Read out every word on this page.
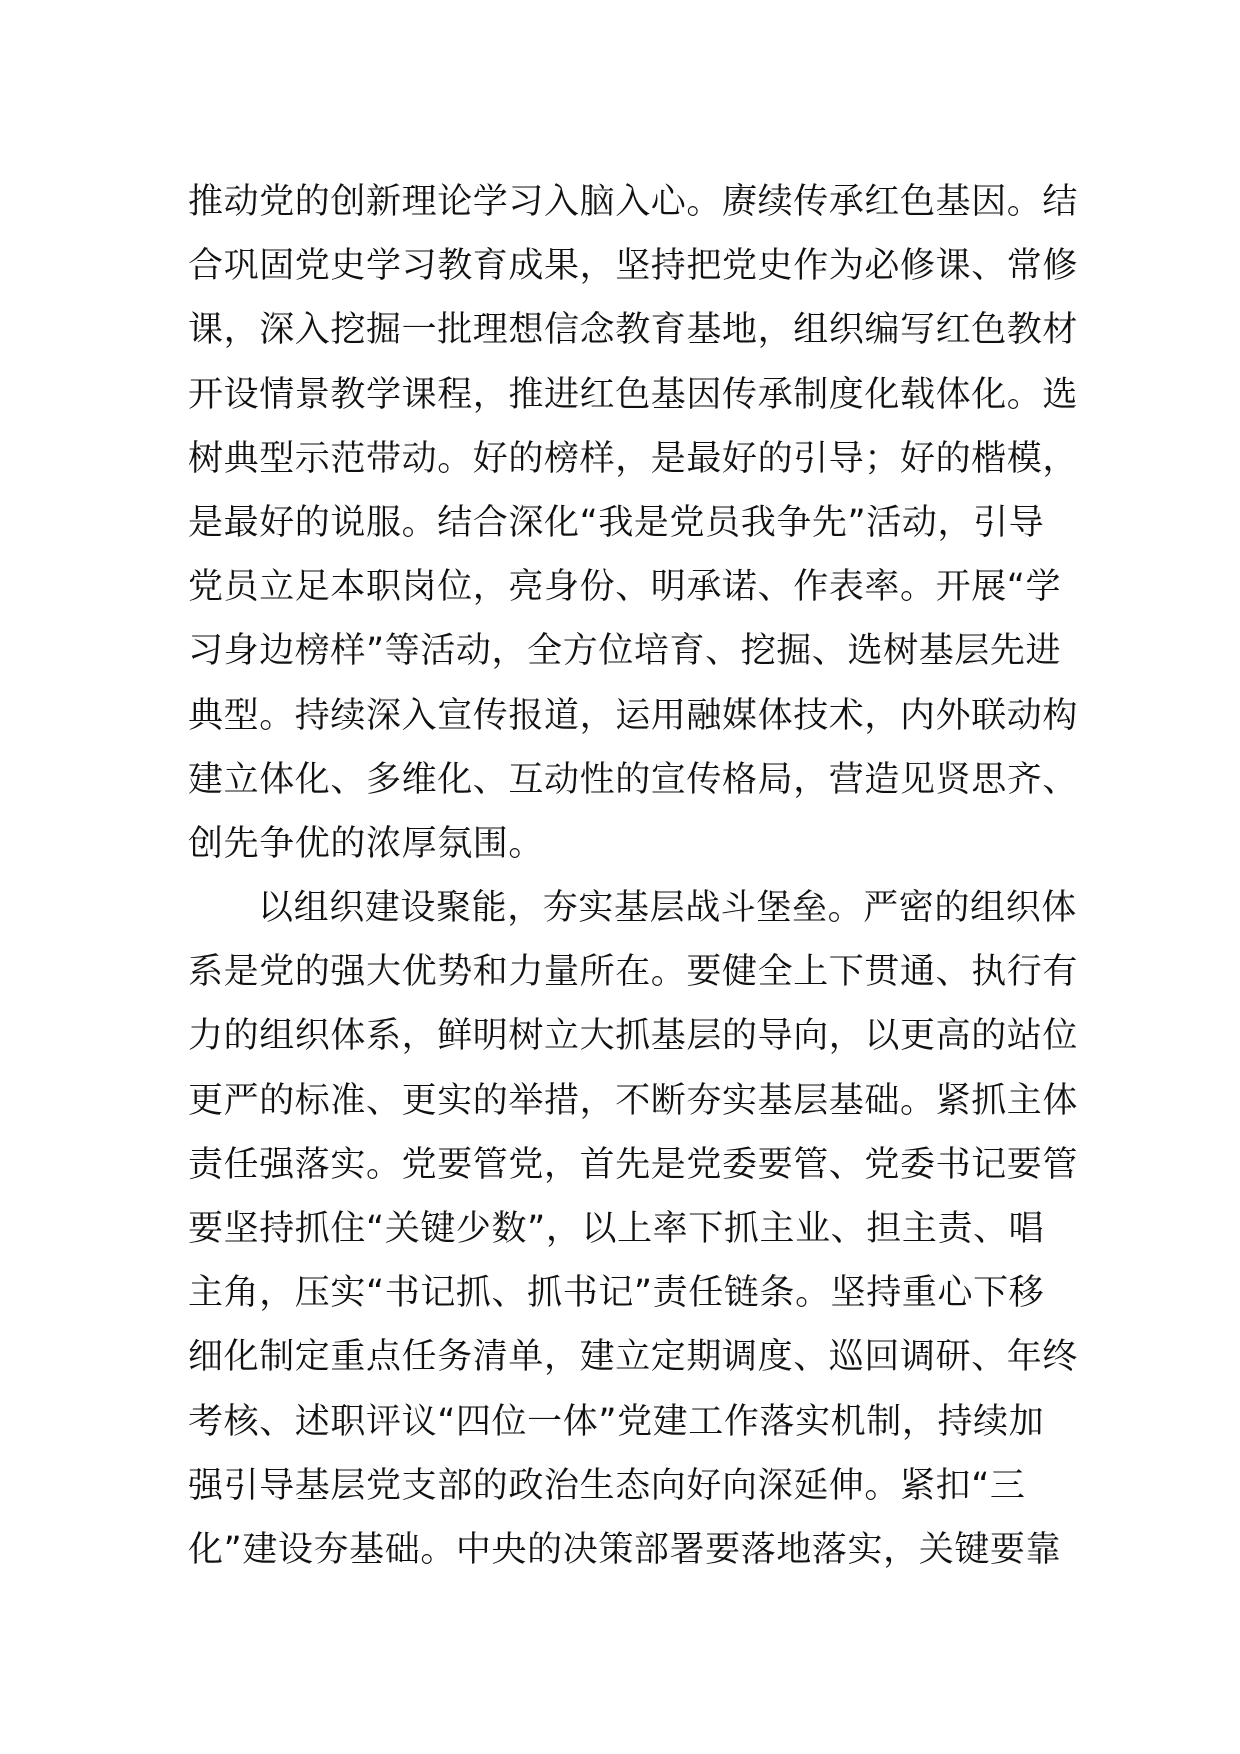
推动党的创新理论学习入脑入心。赓续传承红色基因。结
合巩固党史学习教育成果，坚持把党史作为必修课、常修
课，深入挖掘一批理想信念教育基地，组织编写红色教材
开设情景教学课程，推进红色基因传承制度化载体化。选
树典型示范带动。好的榜样，是最好的引导；好的楷模，
是最好的说服。结合深化“我是党员我争先”活动，引导
党员立足本职岗位，亮身份、明承诺、作表率。开展“学
习身边榜样”等活动，全方位培育、挖掘、选树基层先进
典型。持续深入宣传报道，运用融媒体技术，内外联动构
建立体化、多维化、互动性的宣传格局，营造见贤思齐、
创先争优的浓厚氛围。
以组织建设聚能，夯实基层战斗堡垒。严密的组织体
系是党的强大优势和力量所在。要健全上下贯通、执行有
力的组织体系，鲜明树立大抓基层的导向，以更高的站位
更严的标准、更实的举措，不断夯实基层基础。紧抓主体
责任强落实。党要管党，首先是党委要管、党委书记要管
要坚持抓住“关键少数”，以上率下抓主业、担主责、唱
主角，压实“书记抓、抓书记”责任链条。坚持重心下移
细化制定重点任务清单，建立定期调度、巡回调研、年终
考核、述职评议“四位一体”党建工作落实机制，持续加
强引导基层党支部的政治生态向好向深延伸。紧扣“三
化”建设夯基础。中央的决策部署要落地落实，关键要靠
